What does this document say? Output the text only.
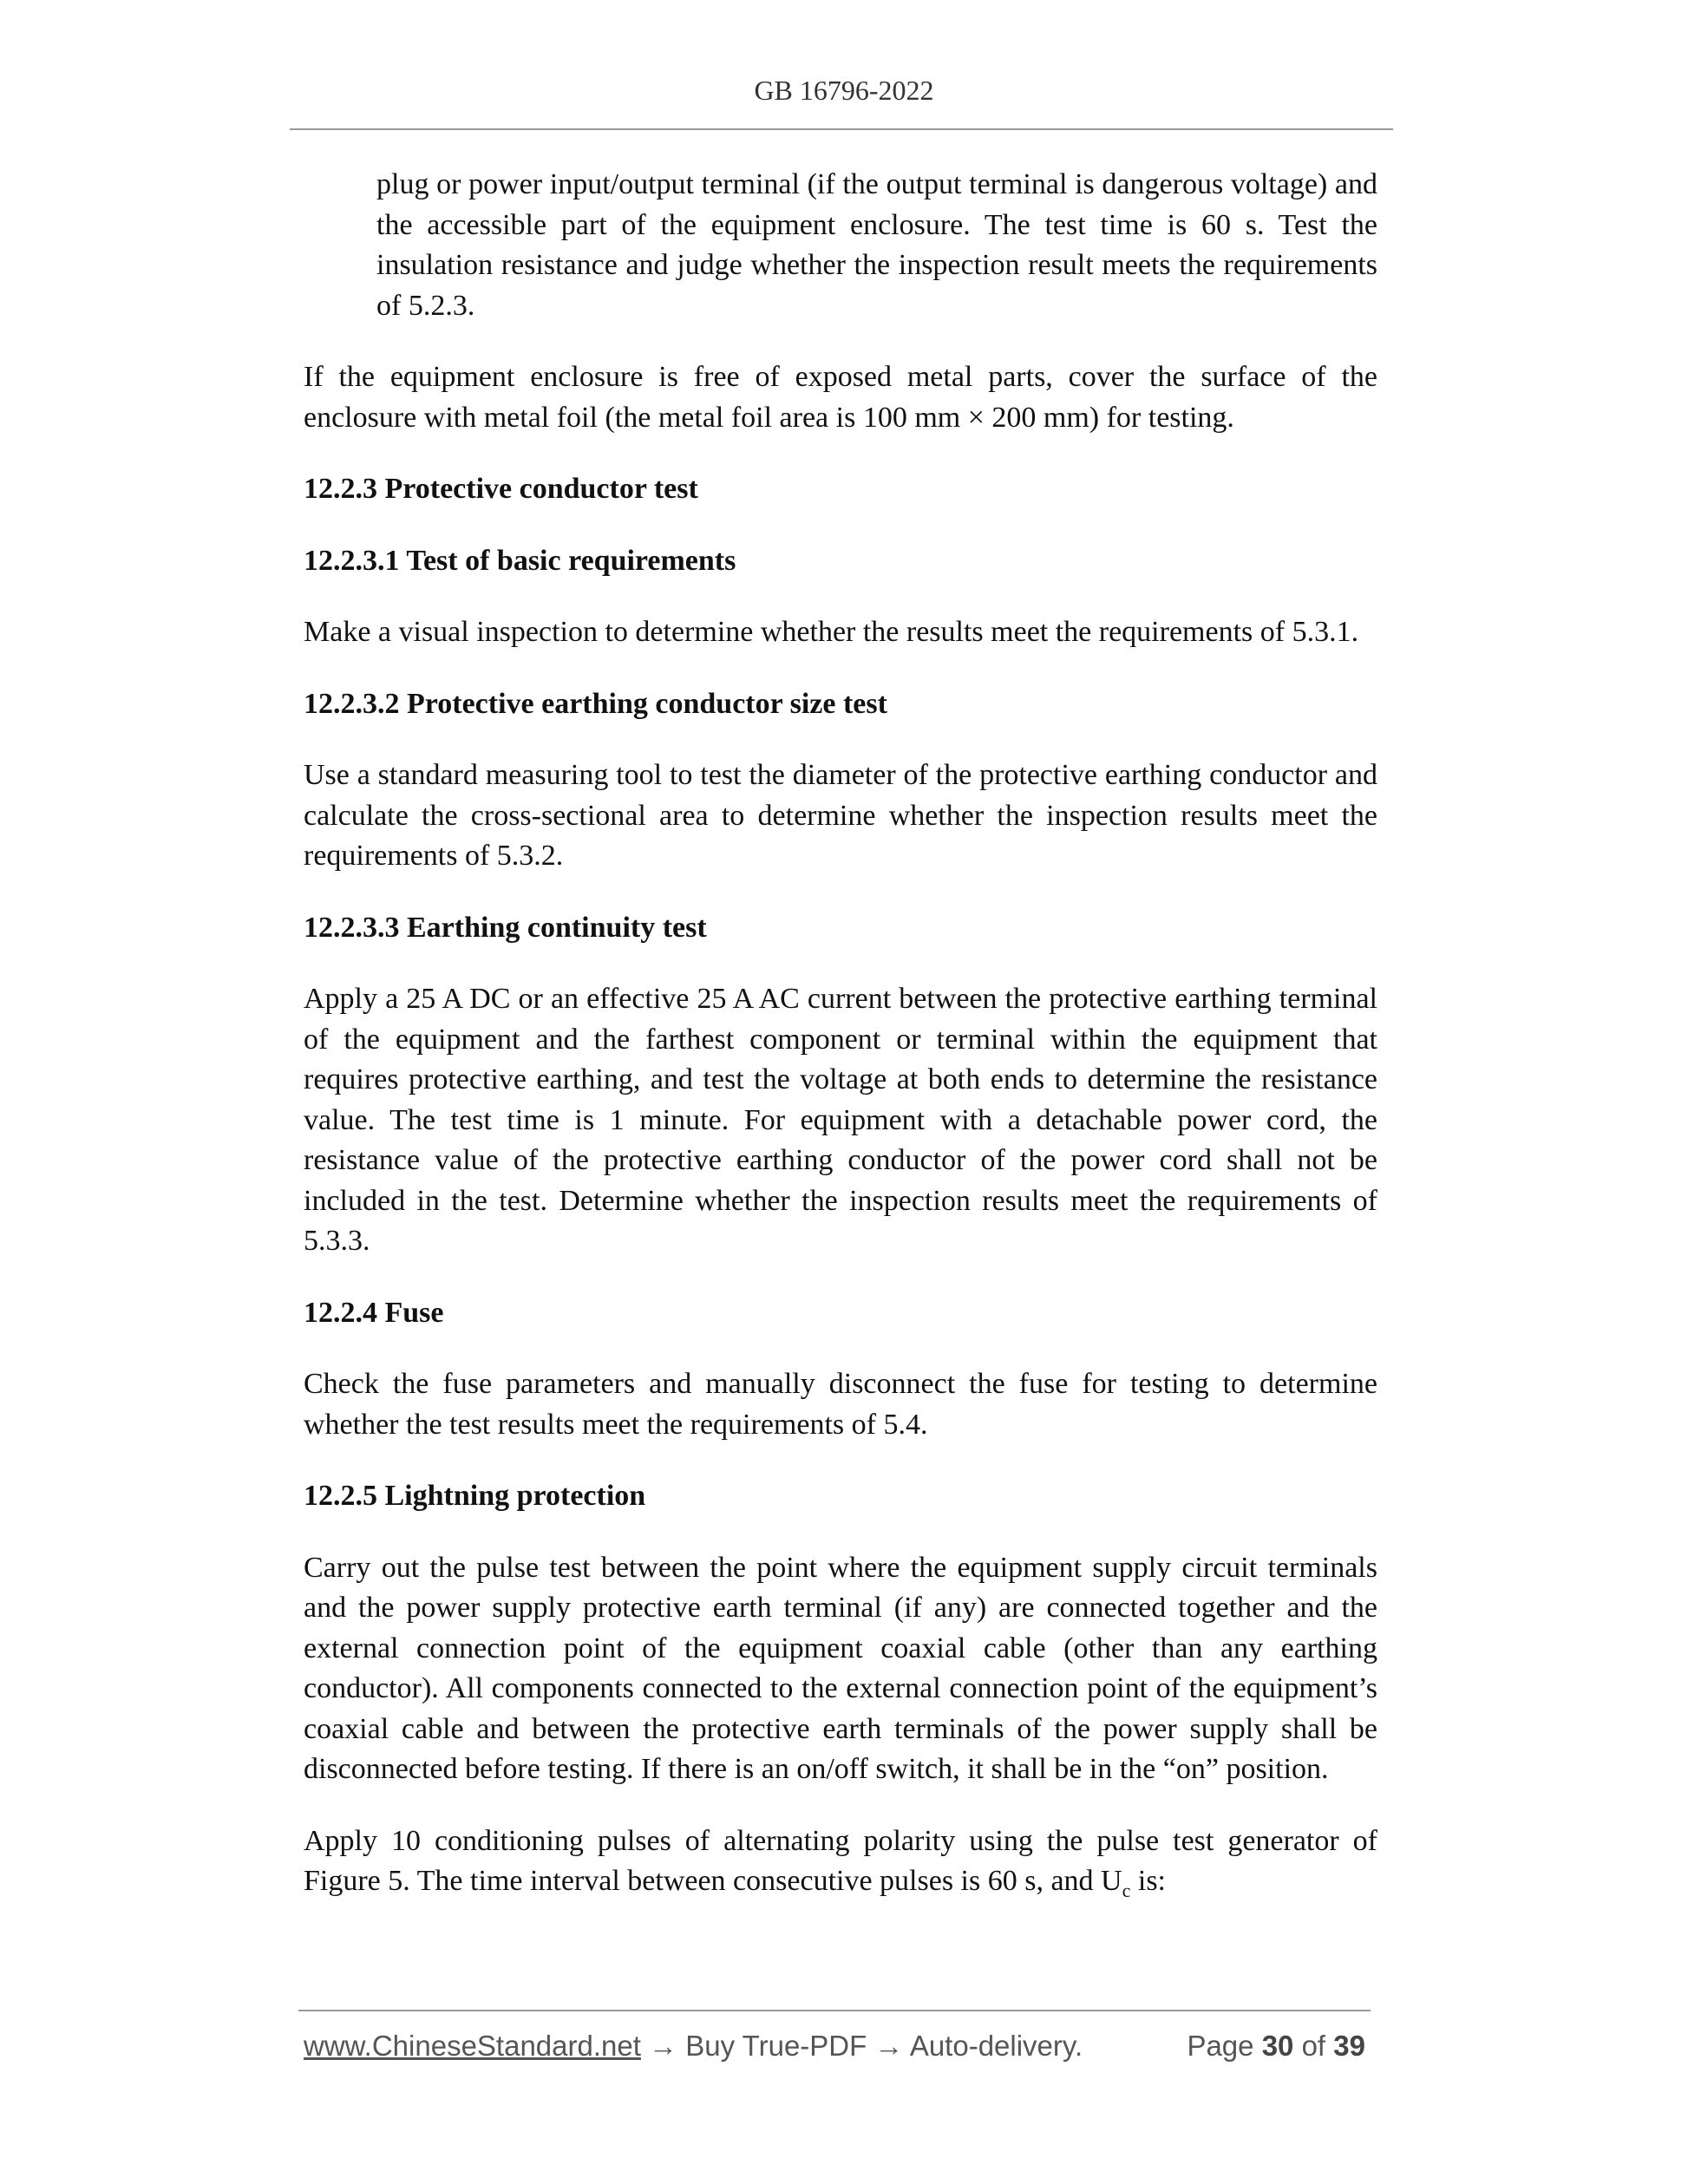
GB 16796-2022

plug or power input/output terminal (if the output terminal is dangerous voltage) and the accessible part of the equipment enclosure. The test time is 60 s. Test the insulation resistance and judge whether the inspection result meets the requirements of 5.2.3.

If the equipment enclosure is free of exposed metal parts, cover the surface of the enclosure with metal foil (the metal foil area is 100 mm × 200 mm) for testing.

12.2.3 Protective conductor test

12.2.3.1 Test of basic requirements

Make a visual inspection to determine whether the results meet the requirements of 5.3.1.

12.2.3.2 Protective earthing conductor size test

Use a standard measuring tool to test the diameter of the protective earthing conductor and calculate the cross-sectional area to determine whether the inspection results meet the requirements of 5.3.2.

12.2.3.3 Earthing continuity test

Apply a 25 A DC or an effective 25 A AC current between the protective earthing terminal of the equipment and the farthest component or terminal within the equipment that requires protective earthing, and test the voltage at both ends to determine the resistance value. The test time is 1 minute. For equipment with a detachable power cord, the resistance value of the protective earthing conductor of the power cord shall not be included in the test. Determine whether the inspection results meet the requirements of 5.3.3.

12.2.4 Fuse

Check the fuse parameters and manually disconnect the fuse for testing to determine whether the test results meet the requirements of 5.4.

12.2.5 Lightning protection

Carry out the pulse test between the point where the equipment supply circuit terminals and the power supply protective earth terminal (if any) are connected together and the external connection point of the equipment coaxial cable (other than any earthing conductor). All components connected to the external connection point of the equipment’s coaxial cable and between the protective earth terminals of the power supply shall be disconnected before testing. If there is an on/off switch, it shall be in the “on” position.

Apply 10 conditioning pulses of alternating polarity using the pulse test generator of Figure 5. The time interval between consecutive pulses is 60 s, and $U_c$ is:

www.ChineseStandard.net → Buy True-PDF → Auto-delivery.	Page 30 of 39
